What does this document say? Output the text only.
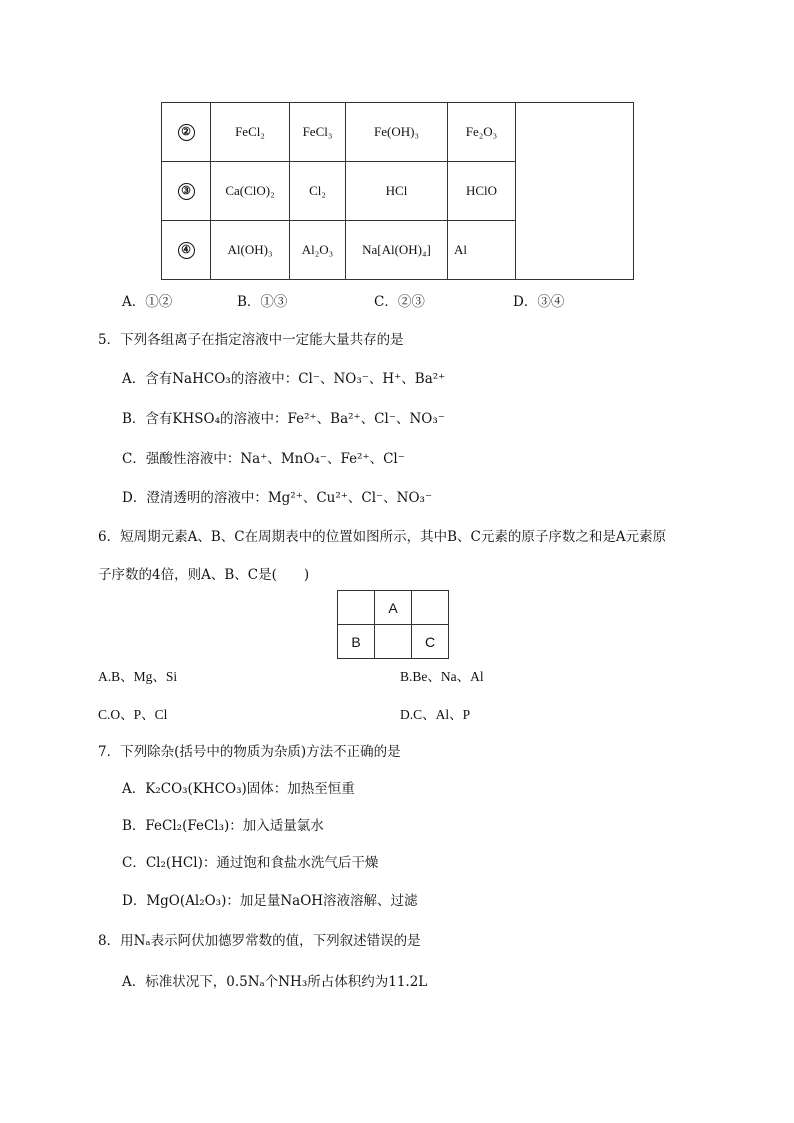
②	FeCl₂	FeCl₃	Fe(OH)₃	Fe₂O₃	
③	Ca(ClO)₂	Cl₂	HCl	HClO	
④	Al(OH)₃	Al₂O₃	Na[Al(OH)₄]	Al	
A．①②	B．①③	C．②③	D．③④
5．下列各组离子在指定溶液中一定能大量共存的是
A．含有NaHCO₃的溶液中：Cl⁻、NO₃⁻、H⁺、Ba²⁺
B．含有KHSO₄的溶液中：Fe²⁺、Ba²⁺、Cl⁻、NO₃⁻
C．强酸性溶液中：Na⁺、MnO₄⁻、Fe²⁺、Cl⁻
D．澄清透明的溶液中：Mg²⁺、Cu²⁺、Cl⁻、NO₃⁻
6．短周期元素A、B、C在周期表中的位置如图所示，其中B、C元素的原子序数之和是A元素原
子序数的4倍，则A、B、C是(　　)
	A	
B		C
A.B、Mg、Si	B.Be、Na、Al
C.O、P、Cl	D.C、Al、P
7．下列除杂(括号中的物质为杂质)方法不正确的是
A．K₂CO₃(KHCO₃)固体：加热至恒重
B．FeCl₂(FeCl₃)：加入适量氯水
C．Cl₂(HCl)：通过饱和食盐水洗气后干燥
D．MgO(Al₂O₃)：加足量NaOH溶液溶解、过滤
8．用Nₐ表示阿伏加德罗常数的值，下列叙述错误的是
A．标准状况下，0.5Nₐ个NH₃所占体积约为11.2L
